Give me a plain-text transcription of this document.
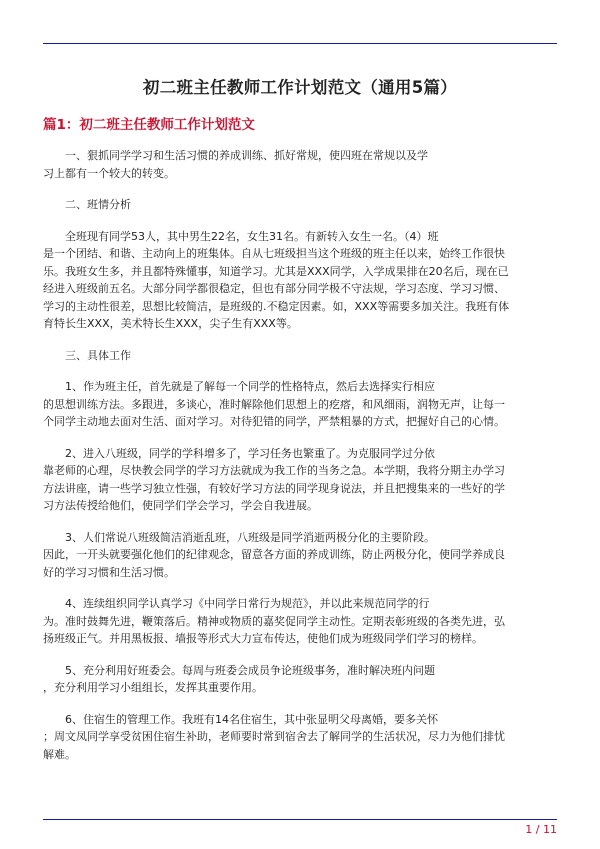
初二班主任教师工作计划范文（通用5篇）
篇1：初二班主任教师工作计划范文

一、狠抓同学学习和生活习惯的养成训练、抓好常规，使四班在常规以及学
习上都有一个较大的转变。

二、班情分析

全班现有同学53人，其中男生22名，女生31名。有新转入女生一名。（4）班
是一个团结、和谐、主动向上的班集体。自从七班级担当这个班级的班主任以来，始终工作很快
乐。我班女生多，并且都特殊懂事，知道学习。尤其是XXX同学，入学成果排在20名后，现在已
经进入班级前五名。大部分同学都很稳定，但也有部分同学极不守法规，学习态度、学习习惯、
学习的主动性很差，思想比较简洁，是班级的.不稳定因素。如，XXX等需要多加关注。我班有体
育特长生XXX，美术特长生XXX，尖子生有XXX等。

三、具体工作

1、作为班主任，首先就是了解每一个同学的性格特点，然后去选择实行相应
的思想训练方法。多跟进，多谈心，准时解除他们思想上的疙瘩，和风细雨，润物无声，让每一
个同学主动地去面对生活、面对学习。对待犯错的同学，严禁粗暴的方式，把握好自己的心情。

2、进入八班级，同学的学科增多了，学习任务也繁重了。为克服同学过分依
靠老师的心理，尽快教会同学的学习方法就成为我工作的当务之急。本学期，我将分期主办学习
方法讲座，请一些学习独立性强，有较好学习方法的同学现身说法，并且把搜集来的一些好的学
习方法传授给他们，使同学们学会学习，学会自我进展。

3、人们常说八班级简洁消逝乱班，八班级是同学消逝两极分化的主要阶段。
因此，一开头就要强化他们的纪律观念，留意各方面的养成训练，防止两极分化，使同学养成良
好的学习习惯和生活习惯。

4、连续组织同学认真学习《中同学日常行为规范》，并以此来规范同学的行
为。准时鼓舞先进，鞭策落后。精神或物质的嘉奖促同学主动性。定期表彰班级的各类先进，弘
扬班级正气。并用黑板报、墙报等形式大力宣布传达，使他们成为班级同学们学习的榜样。

5、充分利用好班委会。每周与班委会成员争论班级事务，准时解决班内问题
，充分利用学习小组组长，发挥其重要作用。

6、住宿生的管理工作。我班有14名住宿生，其中张显明父母离婚，要多关怀
；周文凤同学享受贫困住宿生补助，老师要时常到宿舍去了解同学的生活状况，尽力为他们排忧
解难。

1 / 11
